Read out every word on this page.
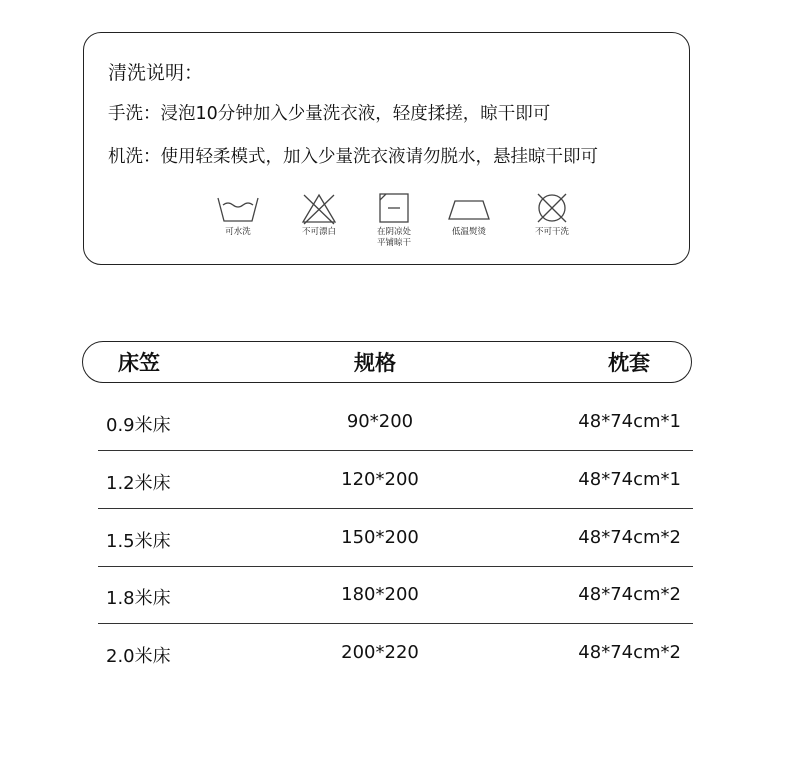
清洗说明：
手洗：浸泡10分钟加入少量洗衣液，轻度揉搓，晾干即可
机洗：使用轻柔模式，加入少量洗衣液请勿脱水，悬挂晾干即可
可水洗	不可漂白	在阴凉处
平铺晾干
低温熨烫	不可干洗
床笠	规格	枕套
0.9米床	90*200	48*74cm*1
1.2米床	120*200	48*74cm*1
1.5米床	150*200	48*74cm*2
1.8米床	180*200	48*74cm*2
2.0米床	200*220	48*74cm*2
